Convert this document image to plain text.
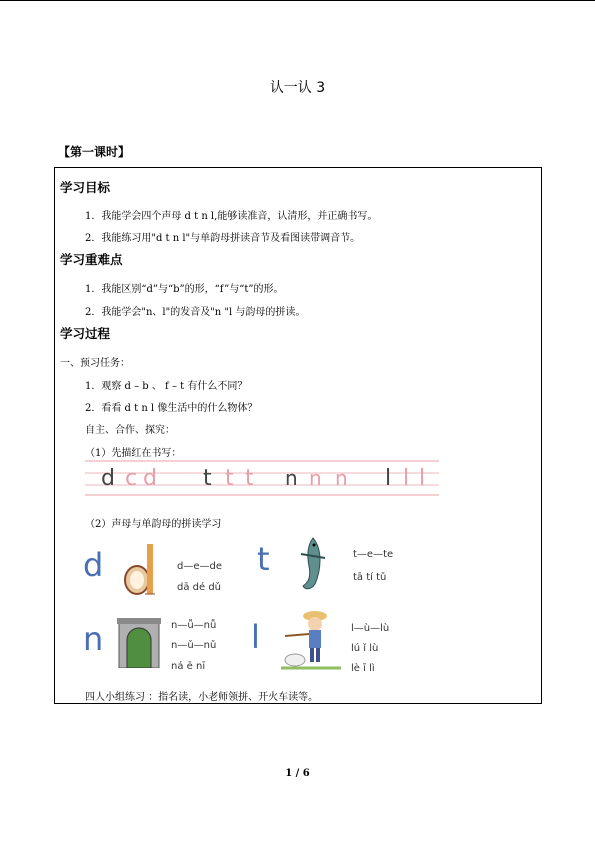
认一认 3
【第一课时】
学习目标
1．我能学会四个声母 d t n l,能够读准音，认清形，并正确书写。
2．我能练习用"d t n l"与单韵母拼读音节及看图读带调音节。
学习重难点
1．我能区别“d”与“b”的形，“f”与“t”的形。
2．我能学会"n、l"的发音及"n "l 与韵母的拼读。
学习过程
一、预习任务：
1．观察 d – b 、 f – t 有什么不同？
2．看看 d t n l 像生活中的什么物体？
自主、合作、探究：
（1）先描红在书写：
d c d t t t n n n l l l
（2）声母与单韵母的拼读学习
d	d—e—de
dā dé dǔ
t	t—e—te
tā tí tǔ
n	n—ǚ—nǚ
n—ǔ—nǔ
ná ē nī
l	l—ù—lù
lú ǐ lù
lè ī lì
四人小组练习 ：指名读，小老师领拼、开火车读等。
1 / 6
